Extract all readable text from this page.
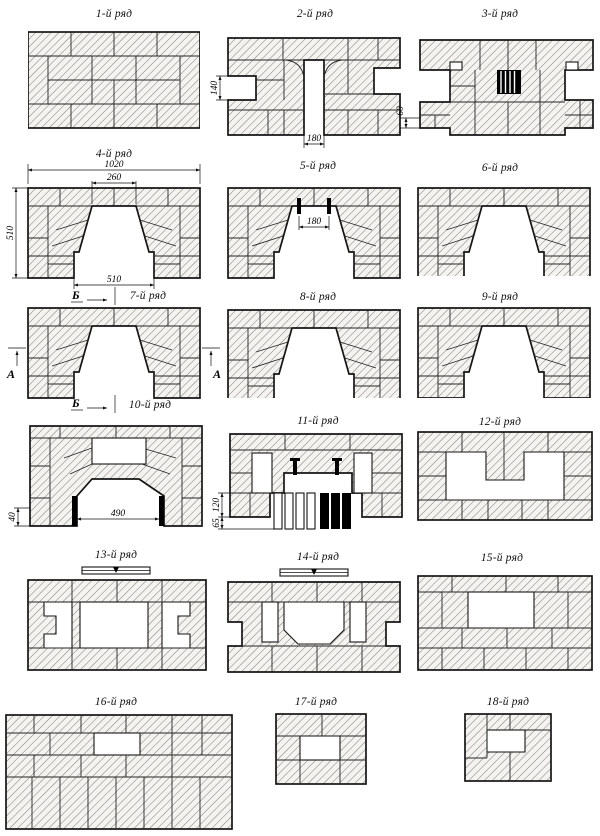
1-й ряд	2-й ряд	3-й ряд
4-й ряд
5-й ряд	6-й ряд
7-й ряд	8-й ряд	9-й ряд
10-й ряд
11-й ряд	12-й ряд
13-й ряд	14-й ряд	15-й ряд
16-й ряд	17-й ряд	18-й ряд
Б
Б
140
180
60
1020
260
510
510
180
А	А
490
40
120
65
